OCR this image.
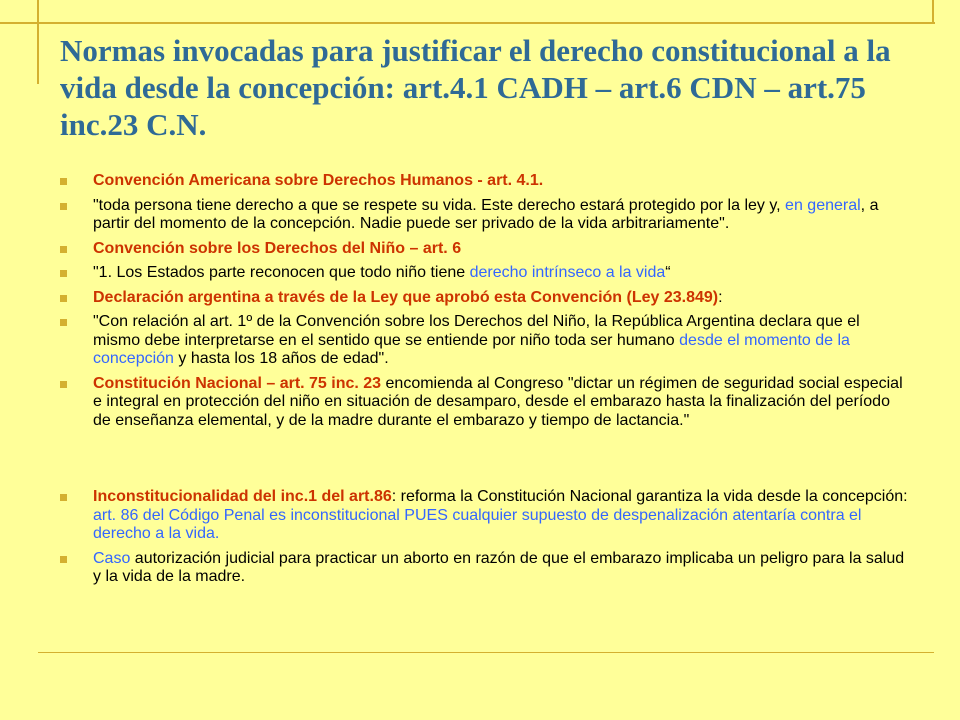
Normas invocadas para justificar el derecho constitucional a la vida desde la concepción: art.4.1 CADH – art.6 CDN – art.75 inc.23 C.N.
Convención Americana sobre Derechos Humanos - art. 4.1.
"toda persona tiene derecho a que se respete su vida. Este derecho estará protegido por la ley y, en general, a partir del momento de la concepción. Nadie puede ser privado de la vida arbitrariamente".
Convención sobre los Derechos del Niño – art. 6
"1. Los Estados parte reconocen que todo niño tiene derecho intrínseco a la vida“
Declaración argentina a través de la Ley que aprobó esta Convención (Ley 23.849):
"Con relación al art. 1º de la Convención sobre los Derechos del Niño, la República Argentina declara que el mismo debe interpretarse en el sentido que se entiende por niño toda ser humano desde el momento de la concepción y hasta los 18 años de edad".
Constitución Nacional – art. 75 inc. 23 encomienda al Congreso "dictar un régimen de seguridad social especial e integral en protección del niño en situación de desamparo, desde el embarazo hasta la finalización del período de enseñanza elemental, y de la madre durante el embarazo y tiempo de lactancia."
Inconstitucionalidad del inc.1 del art.86: reforma la Constitución Nacional garantiza la vida desde la concepción: art. 86 del Código Penal es inconstitucional PUES cualquier supuesto de despenalización atentaría contra el derecho a la vida.
Caso autorización judicial para practicar un aborto en razón de que el embarazo implicaba un peligro para la salud y la vida de la madre.
